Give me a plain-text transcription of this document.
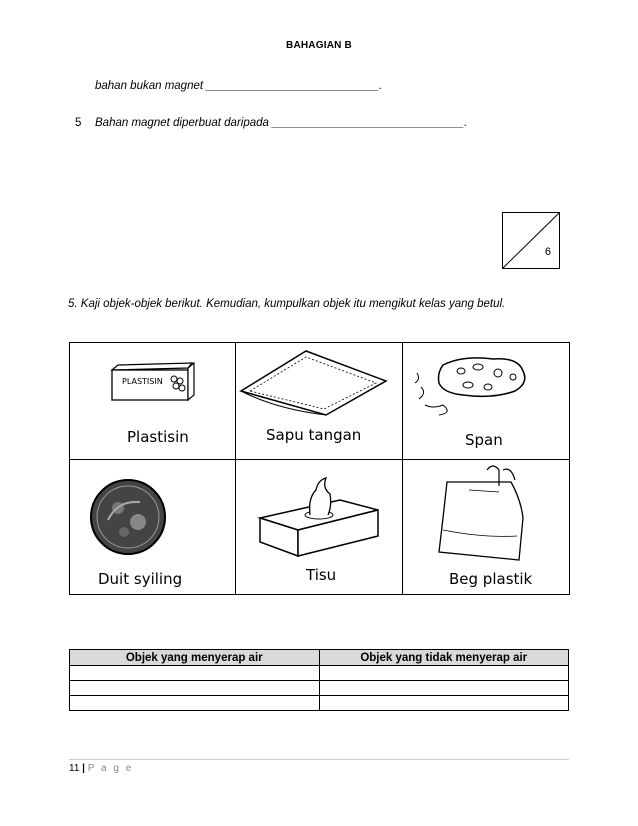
BAHAGIAN B
bahan bukan magnet ___________________________.
5 Bahan magnet diperbuat daripada ______________________________.
6
5. Kaji objek-objek berikut. Kemudian, kumpulkan objek itu mengikut kelas yang betul.
PLASTISIN
Plastisin	Sapu tangan	Span
Duit syiling	Tisu	Beg plastik
Objek yang menyerap air	Objek yang tidak menyerap air

11 | P a g e
